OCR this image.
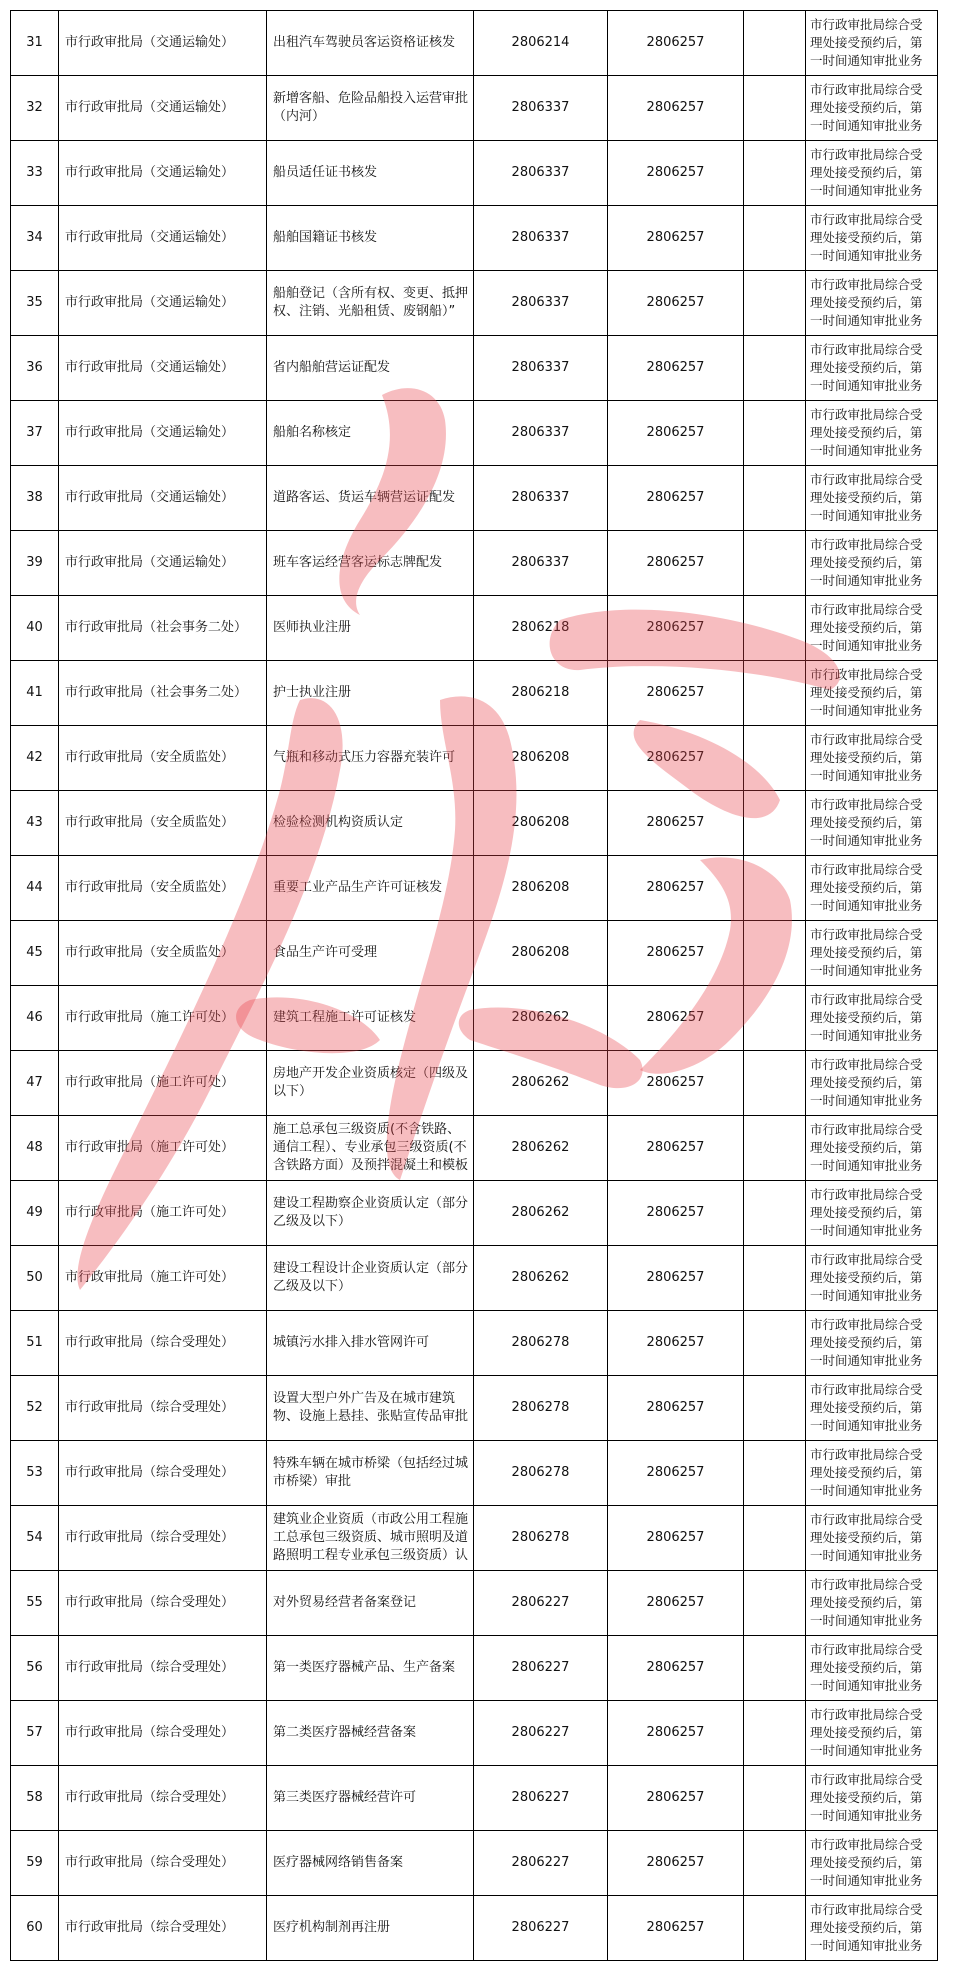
31	市行政审批局（交通运输处）	出租汽车驾驶员客运资格证核发	2806214	2806257		市行政审批局综合受理处接受预约后，第一时间通知审批业务

32	市行政审批局（交通运输处）	新增客船、危险品船投入运营审批（内河）	2806337	2806257		市行政审批局综合受理处接受预约后，第一时间通知审批业务

33	市行政审批局（交通运输处）	船员适任证书核发	2806337	2806257		市行政审批局综合受理处接受预约后，第一时间通知审批业务

34	市行政审批局（交通运输处）	船舶国籍证书核发	2806337	2806257		市行政审批局综合受理处接受预约后，第一时间通知审批业务

35	市行政审批局（交通运输处）	船舶登记（含所有权、变更、抵押权、注销、光船租赁、废钢船）”	2806337	2806257		市行政审批局综合受理处接受预约后，第一时间通知审批业务

36	市行政审批局（交通运输处）	省内船舶营运证配发	2806337	2806257		市行政审批局综合受理处接受预约后，第一时间通知审批业务

37	市行政审批局（交通运输处）	船舶名称核定	2806337	2806257		市行政审批局综合受理处接受预约后，第一时间通知审批业务

38	市行政审批局（交通运输处）	道路客运、货运车辆营运证配发	2806337	2806257		市行政审批局综合受理处接受预约后，第一时间通知审批业务

39	市行政审批局（交通运输处）	班车客运经营客运标志牌配发	2806337	2806257		市行政审批局综合受理处接受预约后，第一时间通知审批业务

40	市行政审批局（社会事务二处）	医师执业注册	2806218	2806257		市行政审批局综合受理处接受预约后，第一时间通知审批业务

41	市行政审批局（社会事务二处）	护士执业注册	2806218	2806257		市行政审批局综合受理处接受预约后，第一时间通知审批业务

42	市行政审批局（安全质监处）	气瓶和移动式压力容器充装许可	2806208	2806257		市行政审批局综合受理处接受预约后，第一时间通知审批业务

43	市行政审批局（安全质监处）	检验检测机构资质认定	2806208	2806257		市行政审批局综合受理处接受预约后，第一时间通知审批业务

44	市行政审批局（安全质监处）	重要工业产品生产许可证核发	2806208	2806257		市行政审批局综合受理处接受预约后，第一时间通知审批业务

45	市行政审批局（安全质监处）	食品生产许可受理	2806208	2806257		市行政审批局综合受理处接受预约后，第一时间通知审批业务

46	市行政审批局（施工许可处）	建筑工程施工许可证核发	2806262	2806257		市行政审批局综合受理处接受预约后，第一时间通知审批业务

47	市行政审批局（施工许可处）	房地产开发企业资质核定（四级及以下）	2806262	2806257		市行政审批局综合受理处接受预约后，第一时间通知审批业务

48	市行政审批局（施工许可处）	施工总承包三级资质(不含铁路、通信工程）、专业承包三级资质(不含铁路方面）及预拌混凝土和模板	2806262	2806257		市行政审批局综合受理处接受预约后，第一时间通知审批业务

49	市行政审批局（施工许可处）	建设工程勘察企业资质认定（部分乙级及以下）	2806262	2806257		市行政审批局综合受理处接受预约后，第一时间通知审批业务

50	市行政审批局（施工许可处）	建设工程设计企业资质认定（部分乙级及以下）	2806262	2806257		市行政审批局综合受理处接受预约后，第一时间通知审批业务

51	市行政审批局（综合受理处）	城镇污水排入排水管网许可	2806278	2806257		市行政审批局综合受理处接受预约后，第一时间通知审批业务

52	市行政审批局（综合受理处）	设置大型户外广告及在城市建筑物、设施上悬挂、张贴宣传品审批	2806278	2806257		市行政审批局综合受理处接受预约后，第一时间通知审批业务

53	市行政审批局（综合受理处）	特殊车辆在城市桥梁（包括经过城市桥梁）审批	2806278	2806257		市行政审批局综合受理处接受预约后，第一时间通知审批业务

54	市行政审批局（综合受理处）	建筑业企业资质（市政公用工程施工总承包三级资质、城市照明及道路照明工程专业承包三级资质）认	2806278	2806257		市行政审批局综合受理处接受预约后，第一时间通知审批业务

55	市行政审批局（综合受理处）	对外贸易经营者备案登记	2806227	2806257		市行政审批局综合受理处接受预约后，第一时间通知审批业务

56	市行政审批局（综合受理处）	第一类医疗器械产品、生产备案	2806227	2806257		市行政审批局综合受理处接受预约后，第一时间通知审批业务

57	市行政审批局（综合受理处）	第二类医疗器械经营备案	2806227	2806257		市行政审批局综合受理处接受预约后，第一时间通知审批业务

58	市行政审批局（综合受理处）	第三类医疗器械经营许可	2806227	2806257		市行政审批局综合受理处接受预约后，第一时间通知审批业务

59	市行政审批局（综合受理处）	医疗器械网络销售备案	2806227	2806257		市行政审批局综合受理处接受预约后，第一时间通知审批业务

60	市行政审批局（综合受理处）	医疗机构制剂再注册	2806227	2806257		市行政审批局综合受理处接受预约后，第一时间通知审批业务
